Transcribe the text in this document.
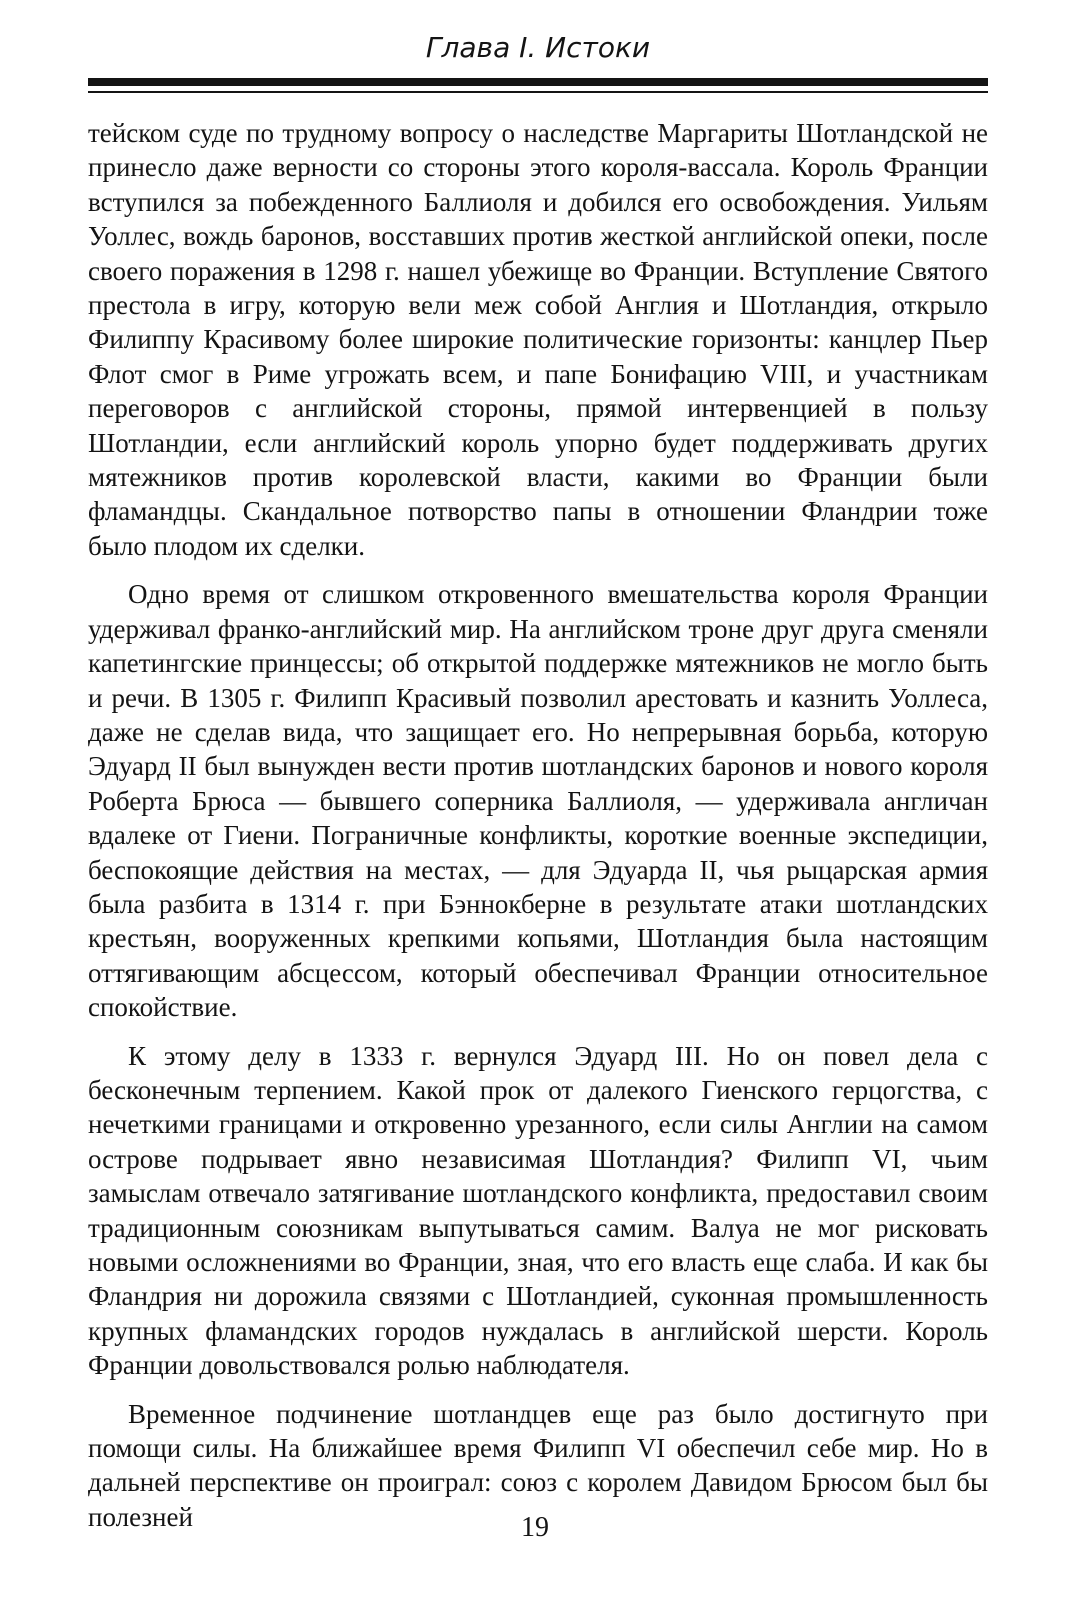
Глава I. Истоки

тейском суде по трудному вопросу о наследстве Маргариты Шотландской не принесло даже верности со стороны этого короля-вассала. Король Франции вступился за побежденного Баллиоля и добился его освобождения. Уильям Уоллес, вождь баронов, восставших против жесткой английской опеки, после своего поражения в 1298 г. нашел убежище во Франции. Вступление Святого престола в игру, которую вели меж собой Англия и Шотландия, открыло Филиппу Красивому более широкие политические горизонты: канцлер Пьер Флот смог в Риме угрожать всем, и папе Бонифацию VIII, и участникам переговоров с английской стороны, прямой интервенцией в пользу Шотландии, если английский король упорно будет поддерживать других мятежников против королевской власти, какими во Франции были фламандцы. Скандальное потворство папы в отношении Фландрии тоже было плодом их сделки.

Одно время от слишком откровенного вмешательства короля Франции удерживал франко-английский мир. На английском троне друг друга сменяли капетингские принцессы; об открытой поддержке мятежников не могло быть и речи. В 1305 г. Филипп Красивый позволил арестовать и казнить Уоллеса, даже не сделав вида, что защищает его. Но непрерывная борьба, которую Эдуард II был вынужден вести против шотландских баронов и нового короля Роберта Брюса — бывшего соперника Баллиоля, — удерживала англичан вдалеке от Гиени. Пограничные конфликты, короткие военные экспедиции, беспокоящие действия на местах, — для Эдуарда II, чья рыцарская армия была разбита в 1314 г. при Бэннокберне в результате атаки шотландских крестьян, вооруженных крепкими копьями, Шотландия была настоящим оттягивающим абсцессом, который обеспечивал Франции относительное спокойствие.

К этому делу в 1333 г. вернулся Эдуард III. Но он повел дела с бесконечным терпением. Какой прок от далекого Гиенского герцогства, с нечеткими границами и откровенно урезанного, если силы Англии на самом острове подрывает явно независимая Шотландия? Филипп VI, чьим замыслам отвечало затягивание шотландского конфликта, предоставил своим традиционным союзникам выпутываться самим. Валуа не мог рисковать новыми осложнениями во Франции, зная, что его власть еще слаба. И как бы Фландрия ни дорожила связями с Шотландией, суконная промышленность крупных фламандских городов нуждалась в английской шерсти. Король Франции довольствовался ролью наблюдателя.

Временное подчинение шотландцев еще раз было достигнуто при помощи силы. На ближайшее время Филипп VI обеспечил себе мир. Но в дальней перспективе он проиграл: союз с королем Давидом Брюсом был бы полезней	19
